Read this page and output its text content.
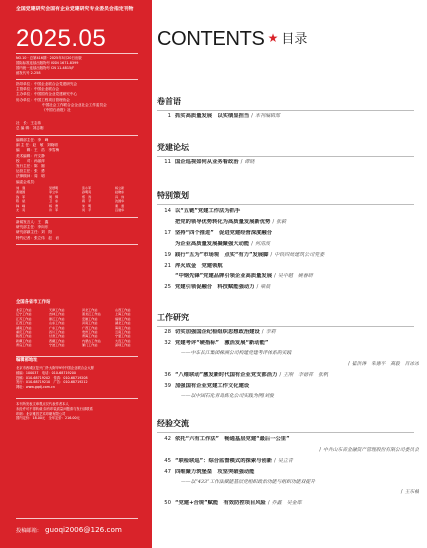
全国党建研究会国有企业党建研究专业委员会指定刊物
2025.05
NO.10 · 总第416期 · 2025年5月20日出版
国际标准连续出版物号 ISSN 1671-8399
国内统一连续出版物号 CN 11-4815/F
邮发代号 2-258
指导单位：中国企业联合会党建研究会
主管单位：中国企业联合会
主办单位：中国国有企业党建研究中心
协办单位：中国工程项目管理协会
中国社会工作联合会企业社会工作委员会
《中国石油报》社
社　长：王志伟
总 编 辑：刘志刚
编辑部主任：李　峰
副 主 任：赵　敏　刘晓明
编　　辑：王　浩　李雪梅
美术编辑：许文静
校　　对：孙丽萍
发行主任：陈　刚
运营主任：张　勇
法律顾问：周　明
编委会成员：
刘　强	吴德明	张小军	杨立新
黄建国	李立华	孙明亮	赵晓东
钱　军	周　辉	郑　涛	冯　伟
陈　斌	卫　东	蒋　平	沈国华
韩　峰	杨　勇	朱　明	秦　雷
尤　亮	许　军	何　平	吕建华
新闻发言人：王　鑫
研究部主任：李向东
研究部副主任：刘　阳
特约记者：张立伟　赵　岩
全国各省市工作站
北京工作站	天津工作站	河北工作站	山西工作站
辽宁工作站	吉林工作站	黑龙江工作站	上海工作站
江苏工作站	浙江工作站	安徽工作站	福建工作站
江西工作站	山东工作站	河南工作站	湖北工作站
湖南工作站	广东工作站	广西工作站	海南工作站
重庆工作站	四川工作站	贵州工作站	云南工作站
陕西工作站	甘肃工作站	青海工作站	宁夏工作站
新疆工作站	西藏工作站	内蒙古工作站	大连工作站
青岛工作站	宁波工作站	厦门工作站	深圳工作站
编辑部地址
北京市西城区复兴门外大街甲9号中国企业联合会大厦
邮编：100037　电话：010-68719200
投稿：010-68719202　传真：010-68719208
发行：010-68719210　广告：010-68719212
网址：www.gqdj.com.cn
本刊所发表文章观点仅代表作者本人
未经许可不得转载 如有印装质量问题请与发行部联系
印刷：北京雅昌艺术印刷有限公司
国内定价：18.00元　全年定价：216.00元
投稿邮箱： guoqi2006@126.com
CONTENTS ★ 目录
卷首语
1 抓实高质量发展　以实绩显担当 / 本刊编辑部
党建论坛
11 国企巡视如何从业务看政治 / 谭晓
特别策划
14 以“五链”党建工作法为抓手
把党的领导优势转化为高质量发展新优势 / 张毅
17 坚持“四个推进”　促进党建经营深度融合
为企业高质量发展凝聚强大动能 / 何清波
19 践行“五为”市场观　点实“有力”发展脚 / 中铁四局建筑公司党委
21 淬火成金　党建领航
“中钢先锋”党建品牌引领企业高质量发展 / 吴中越　姚春研
25 党建引领促融合　科技赋能强动力 / 梁晨
工作研究
28 切实加强国企纪检组织思想政治建设 / 李莉
32 党建考评“硬指标”　激活发展“新动能”
——中车长江集团株洲公司构建党建考评体系的实践
/ 崔洪涛　朱德平　高毅　肖冰冰
36 “八维联动”激发新时代国有企业党支部活力 / 王刚　李德祥　张帆
39 加强国有企业党建工作文化建设
——以中国石化青岛炼化公司实践为例/刘俊
经验交流
42 依托“六有工作法”　畅通基层党建“最后一公里”
/ 中共山东省金融资产管理股份有限公司委员会
45 “联检联巡”：综合监督模式的探索与创新 / 吴立青
47 四维聚力筑堡垒　攻坚突破强动能
——以“433”工作法赋能基层党组织政治功能与组织功能双提升
/ 王东楠
50 “党建+合规”赋能　有效防控项目风险 / 乔鑫　吴金库
